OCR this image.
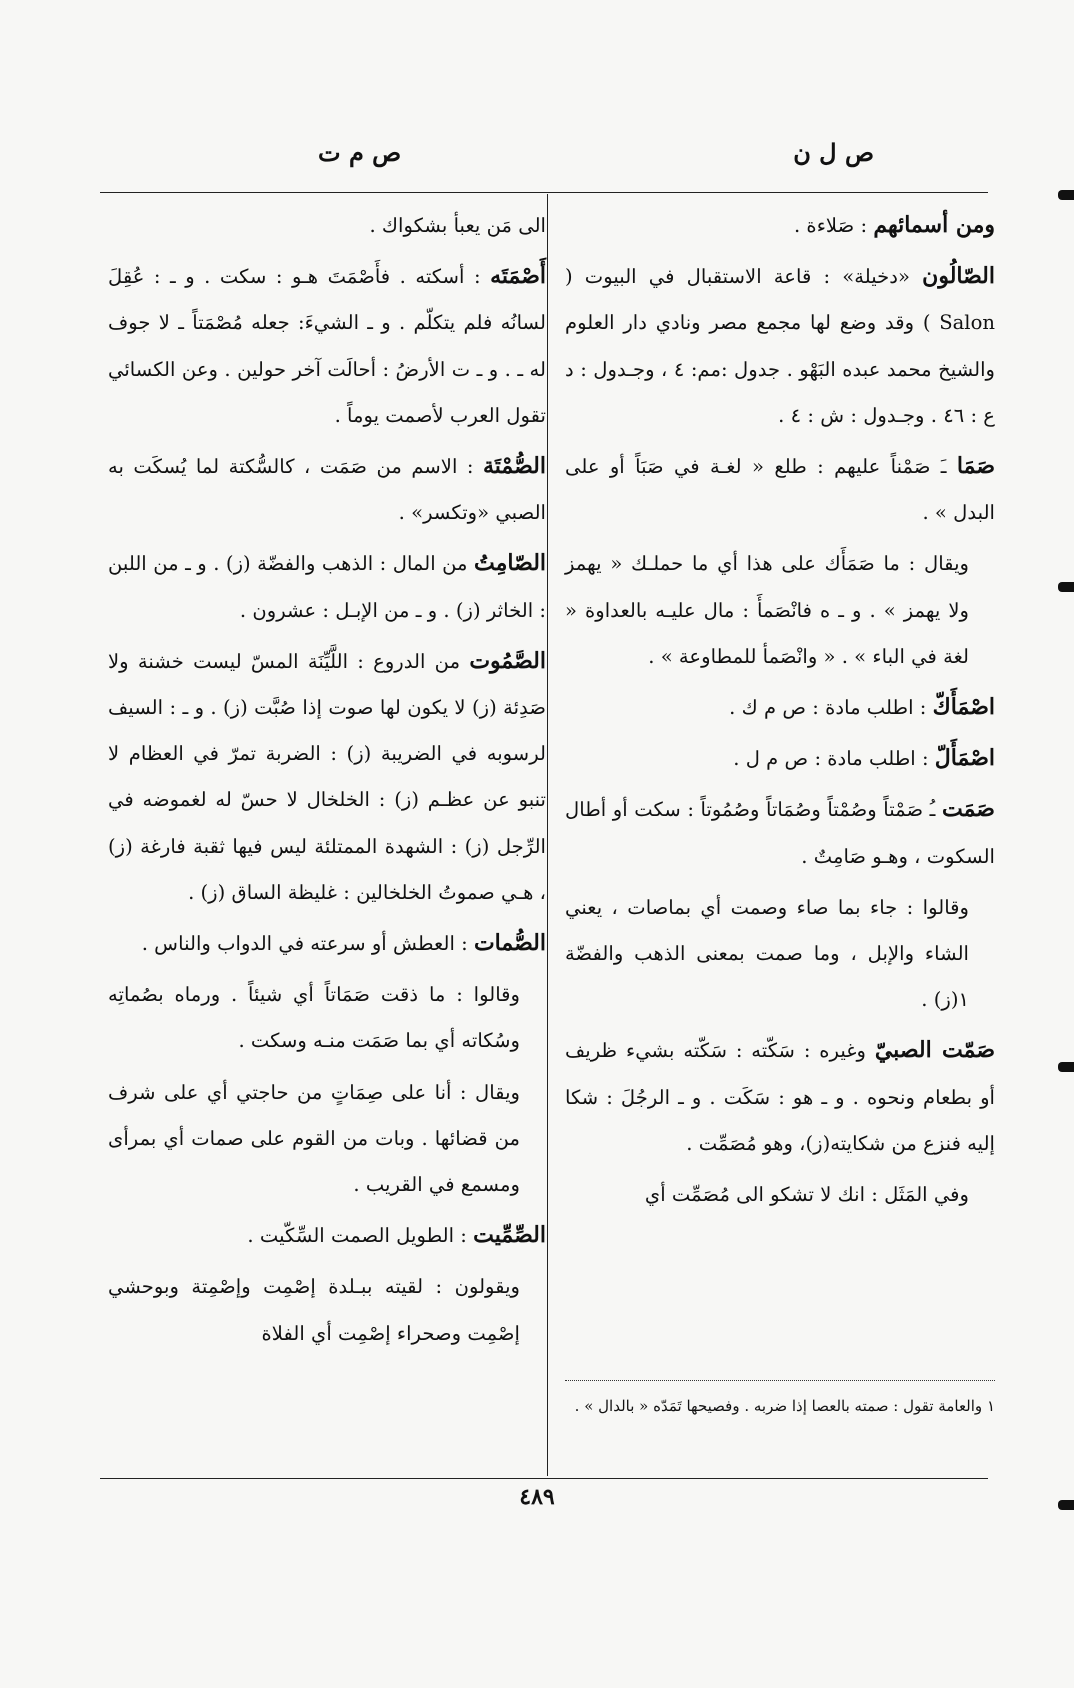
ص ل ن
ص م ت

ومن أسمائهم : صَلاءة .

الصّالُون «دخيلة» : قاعة الاستقبال في البيوت ( Salon ) وقد وضع لها مجمع مصر ونادي دار العلوم والشيخ محمد عبده البَهْو . جدول :مم: ٤ ، وجـدول : د ع : ٤٦ . وجـدول : ش : ٤ .

صَمَا ـَ صَمْناً عليهم : طلع « لغـة في صَبَاً أو على البدل » .

ويقال : ما صَمَأَك على هذا أي ما حملـك « يهمز ولا يهمز » . و ـ ه فانْصَمأَ : مال عليـه بالعداوة « لغة في الباء » . « وانْصَمأ للمطاوعة » .

اصْمَأَكّ : اطلب مادة : ص م ك .

اصْمَأَلّ : اطلب مادة : ص م ل .

صَمَت ـُ صَمْتاً وصُمْتاً وصُمَاتاً وصُمُوتاً : سكت أو أطال السكوت ، وهـو صَامِتٌ .

وقالوا : جاء بما صاء وصمت أي بماصات ، يعني الشاء والإبل ، وما صمت بمعنى الذهب والفضّة ١(ز) .

صَمّت الصبيّ وغيره : سَكّته : سَكّته بشيء ظريف أو بطعام ونحوه . و ـ هو : سَكَت . و ـ الرجُلَ : شكا إليه فنزع من شكايته(ز)، وهو مُصَمِّت .

وفي المَثَل : انك لا تشكو الى مُصَمِّت أي

١ والعامة تقول : صمته بالعصا إذا ضربه . وفصيحها تَمَدّه « بالدال » .

الى مَن يعبأ بشكواك .

أَصْمَتَه : أسكته . فأَصْمَتَ هـو : سكت . و ـ : عُقِلَ لسانُه فلم يتكلّم . و ـ الشيءَ: جعله مُصْمَتاً ـ لا جوف له ـ . و ـ ت الأرضُ : أحالَت آخر حولين . وعن الكسائي تقول العرب لأصمت يوماً .

الصُّمْتَة : الاسم من صَمَت ، كالسُّكتة لما يُسكَت به الصبي «وتكسر» .

الصّامِتُ من المال : الذهب والفضّة (ز) . و ـ من اللبن : الخاثر (ز) . و ـ من الإبـل : عشرون .

الصَّمُوت من الدروع : اللَّيِّنَة المسّ ليست خشنة ولا صَدِئة (ز) لا يكون لها صوت إذا صُبَّت (ز) . و ـ : السيف لرسوبه في الضريبة (ز) : الضربة تمرّ في العظام لا تنبو عن عظـم (ز) : الخلخال لا حسّ له لغموضه في الرِّجل (ز) : الشهدة الممتلئة ليس فيها ثقبة فارغة (ز) ، هـي صموتُ الخلخالين : غليظة الساق (ز) .

الصُّمات : العطش أو سرعته في الدواب والناس .

وقالوا : ما ذقت صَمَاتاً أي شيئاً . ورماه بصُماتِه وسُكاته أي بما صَمَت منـه وسكت .

ويقال : أنا على صِمَاتٍ من حاجتي أي على شرف من قضائها . وبات من القوم على صمات أي بمرأى ومسمع في القريب .

الصِّمِّيت : الطويل الصمت السِّكّيت .

ويقولون : لقيته ببـلدة إصْمِت وإصْمِتة وبوحشي إصْمِت وصحراء إصْمِت أي الفلاة

٤٨٩
